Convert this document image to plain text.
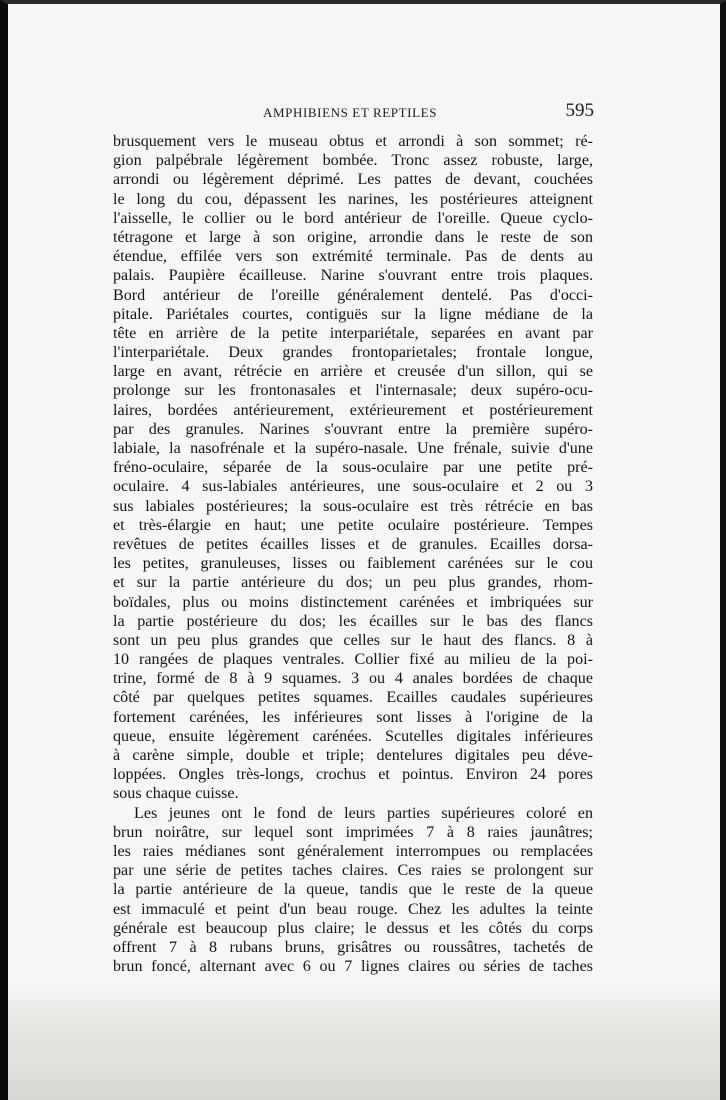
AMPHIBIENS ET REPTILES	595
brusquement vers le museau obtus et arrondi à son sommet; ré-
gion palpébrale légèrement bombée. Tronc assez robuste, large,
arrondi ou légèrement déprimé. Les pattes de devant, couchées
le long du cou, dépassent les narines, les postérieures atteignent
l'aisselle, le collier ou le bord antérieur de l'oreille. Queue cyclo-
tétragone et large à son origine, arrondie dans le reste de son
étendue, effilée vers son extrémité terminale. Pas de dents au
palais. Paupière écailleuse. Narine s'ouvrant entre trois plaques.
Bord antérieur de l'oreille généralement dentelé. Pas d'occi-
pitale. Pariétales courtes, contiguës sur la ligne médiane de la
tête en arrière de la petite interpariétale, separées en avant par
l'interpariétale. Deux grandes frontoparietales; frontale longue,
large en avant, rétrécie en arrière et creusée d'un sillon, qui se
prolonge sur les frontonasales et l'internasale; deux supéro-ocu-
laires, bordées antérieurement, extérieurement et postérieurement
par des granules. Narines s'ouvrant entre la première supéro-
labiale, la nasofrénale et la supéro-nasale. Une frénale, suivie d'une
fréno-oculaire, séparée de la sous-oculaire par une petite pré-
oculaire. 4 sus-labiales antérieures, une sous-oculaire et 2 ou 3
sus labiales postérieures; la sous-oculaire est très rétrécie en bas
et très-élargie en haut; une petite oculaire postérieure. Tempes
revêtues de petites écailles lisses et de granules. Ecailles dorsa-
les petites, granuleuses, lisses ou faiblement carénées sur le cou
et sur la partie antérieure du dos; un peu plus grandes, rhom-
boïdales, plus ou moins distinctement carénées et imbriquées sur
la partie postérieure du dos; les écailles sur le bas des flancs
sont un peu plus grandes que celles sur le haut des flancs. 8 à
10 rangées de plaques ventrales. Collier fixé au milieu de la poi-
trine, formé de 8 à 9 squames. 3 ou 4 anales bordées de chaque
côté par quelques petites squames. Ecailles caudales supérieures
fortement carénées, les inférieures sont lisses à l'origine de la
queue, ensuite légèrement carénées. Scutelles digitales inférieures
à carène simple, double et triple; dentelures digitales peu déve-
loppées. Ongles très-longs, crochus et pointus. Environ 24 pores
sous chaque cuisse.
Les jeunes ont le fond de leurs parties supérieures coloré en
brun noirâtre, sur lequel sont imprimées 7 à 8 raies jaunâtres;
les raies médianes sont généralement interrompues ou remplacées
par une série de petites taches claires. Ces raies se prolongent sur
la partie antérieure de la queue, tandis que le reste de la queue
est immaculé et peint d'un beau rouge. Chez les adultes la teinte
générale est beaucoup plus claire; le dessus et les côtés du corps
offrent 7 à 8 rubans bruns, grisâtres ou roussâtres, tachetés de
brun foncé, alternant avec 6 ou 7 lignes claires ou séries de taches
